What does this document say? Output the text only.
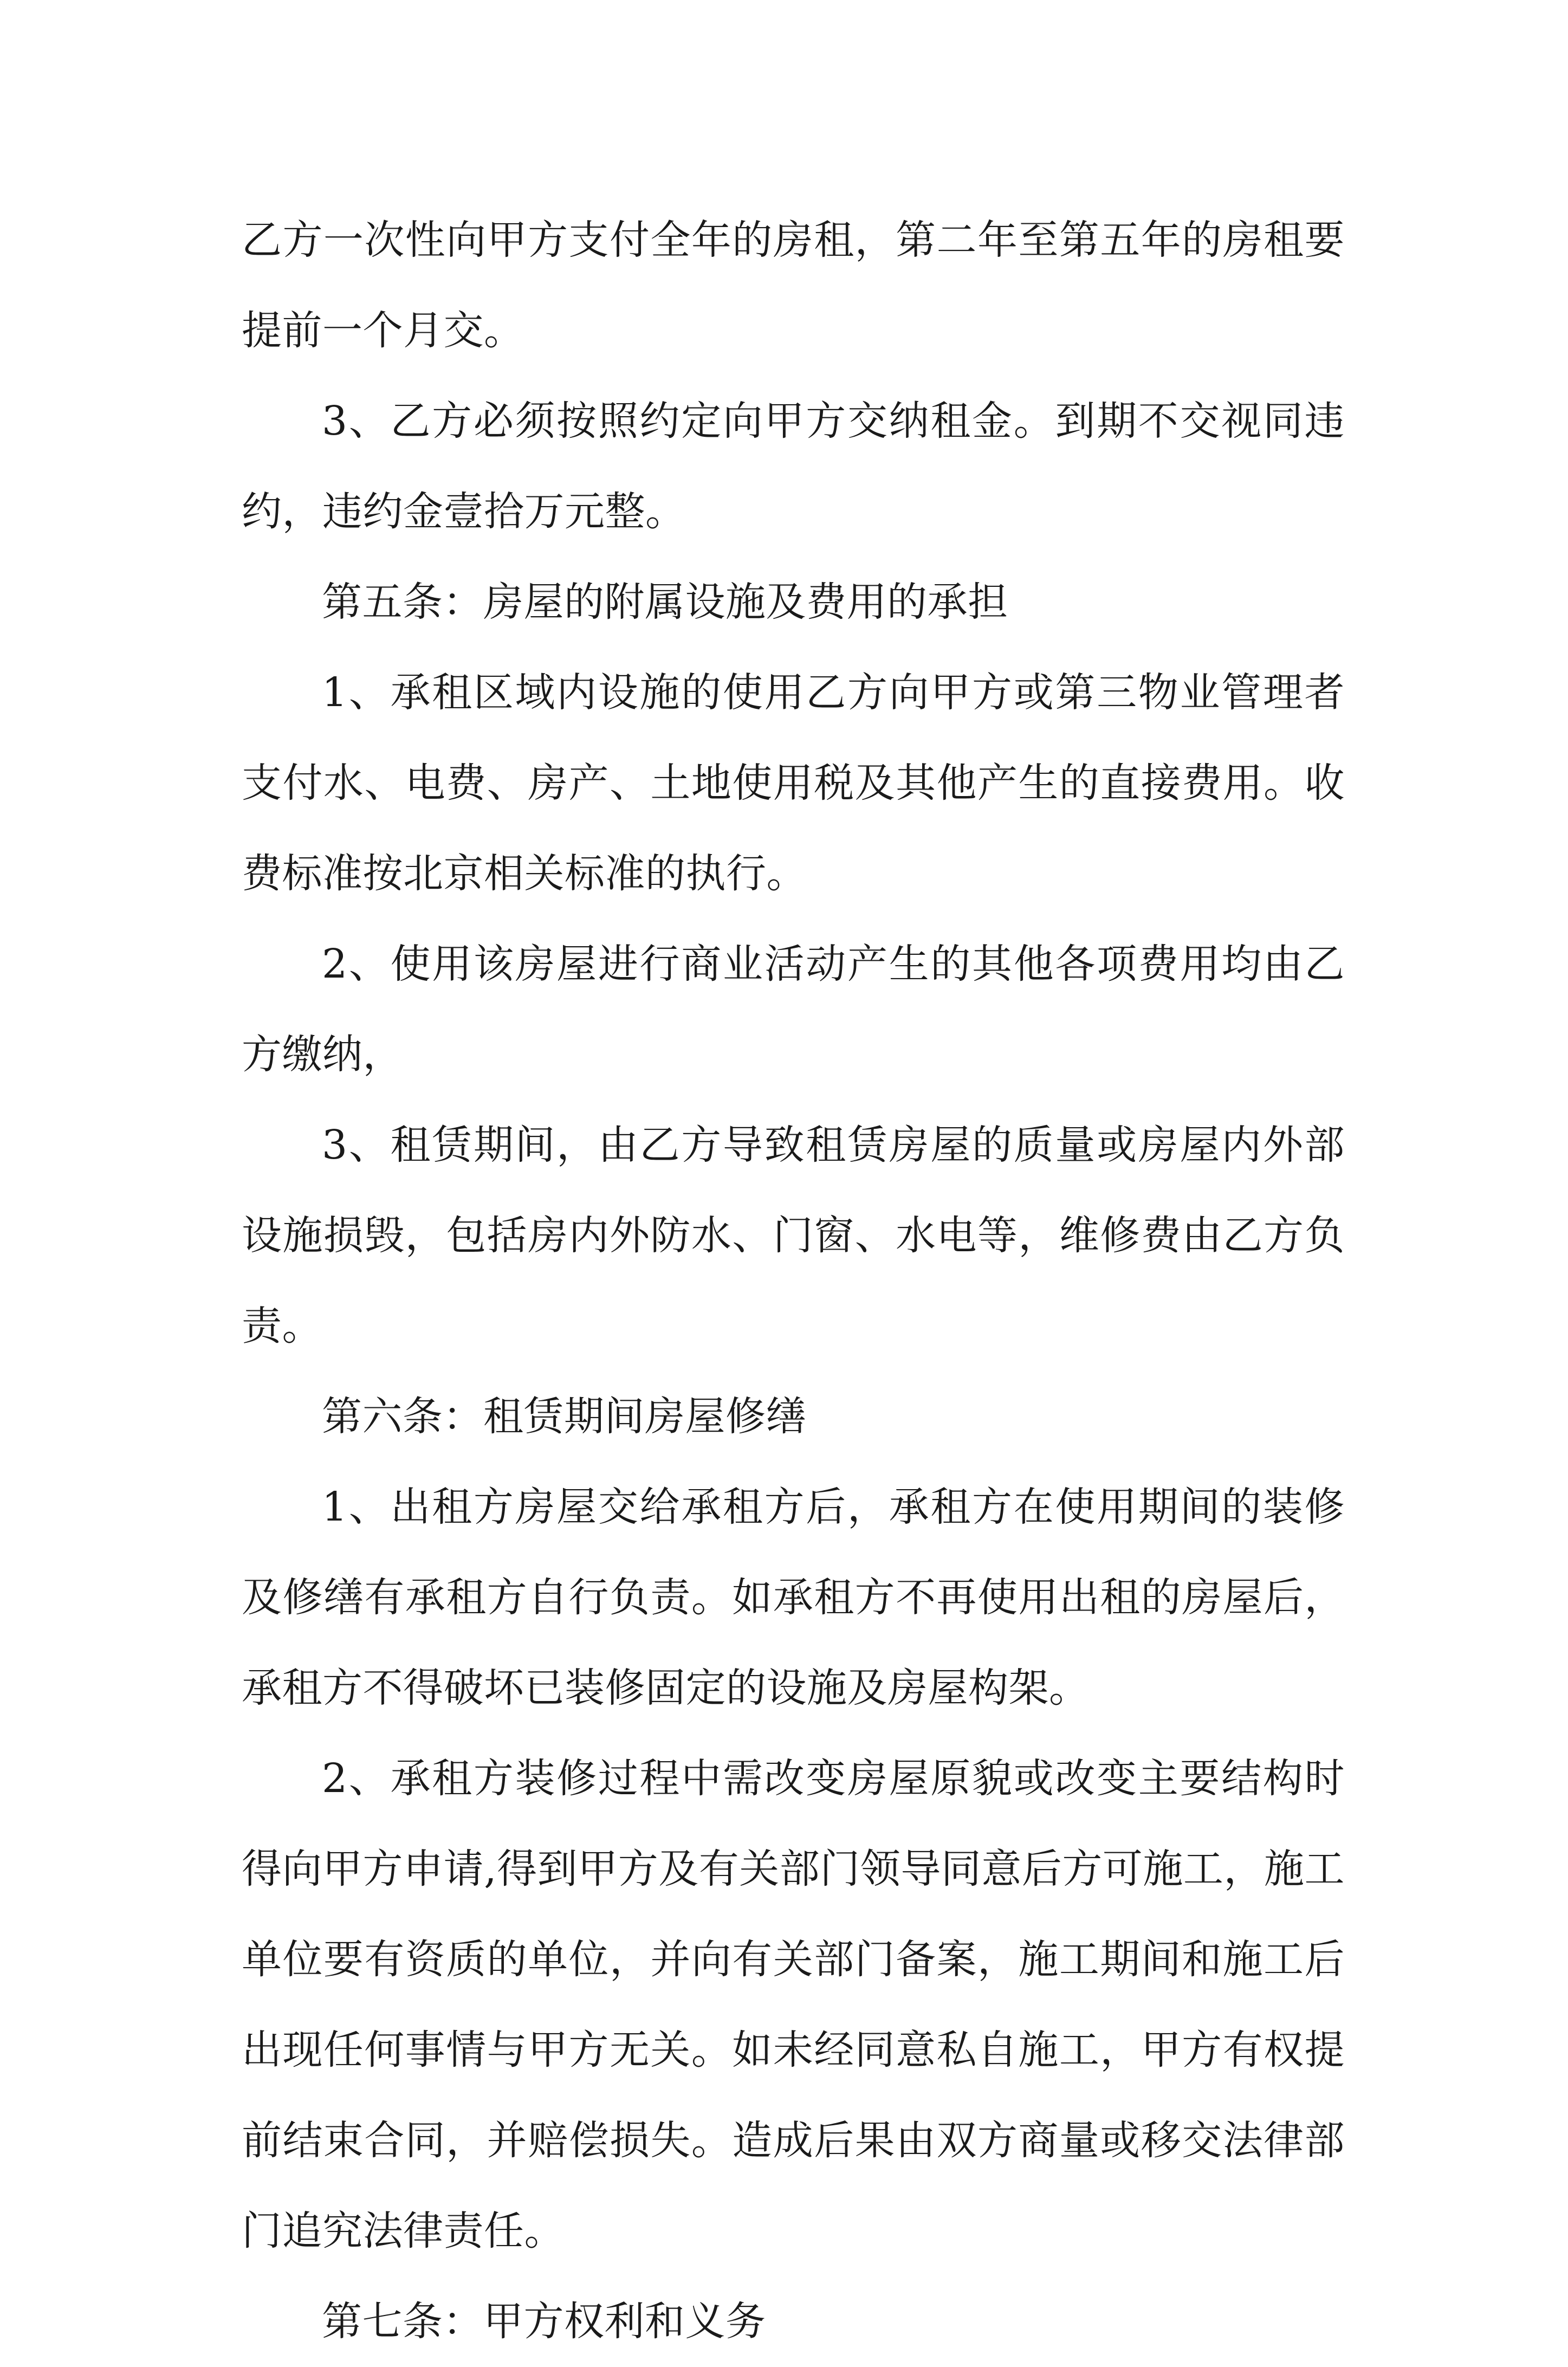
乙方一次性向甲方支付全年的房租，第二年至第五年的房租要提前一个月交。

3、乙方必须按照约定向甲方交纳租金。到期不交视同违约，违约金壹拾万元整。

第五条：房屋的附属设施及费用的承担

1、承租区域内设施的使用乙方向甲方或第三物业管理者支付水、电费、房产、土地使用税及其他产生的直接费用。收费标准按北京相关标准的执行。

2、使用该房屋进行商业活动产生的其他各项费用均由乙方缴纳，

3、租赁期间，由乙方导致租赁房屋的质量或房屋内外部设施损毁，包括房内外防水、门窗、水电等，维修费由乙方负责。

第六条：租赁期间房屋修缮

1、出租方房屋交给承租方后，承租方在使用期间的装修及修缮有承租方自行负责。如承租方不再使用出租的房屋后，承租方不得破坏已装修固定的设施及房屋构架。

2、承租方装修过程中需改变房屋原貌或改变主要结构时得向甲方申请,得到甲方及有关部门领导同意后方可施工，施工单位要有资质的单位，并向有关部门备案，施工期间和施工后出现任何事情与甲方无关。如未经同意私自施工，甲方有权提前结束合同，并赔偿损失。造成后果由双方商量或移交法律部门追究法律责任。

第七条：甲方权利和义务
